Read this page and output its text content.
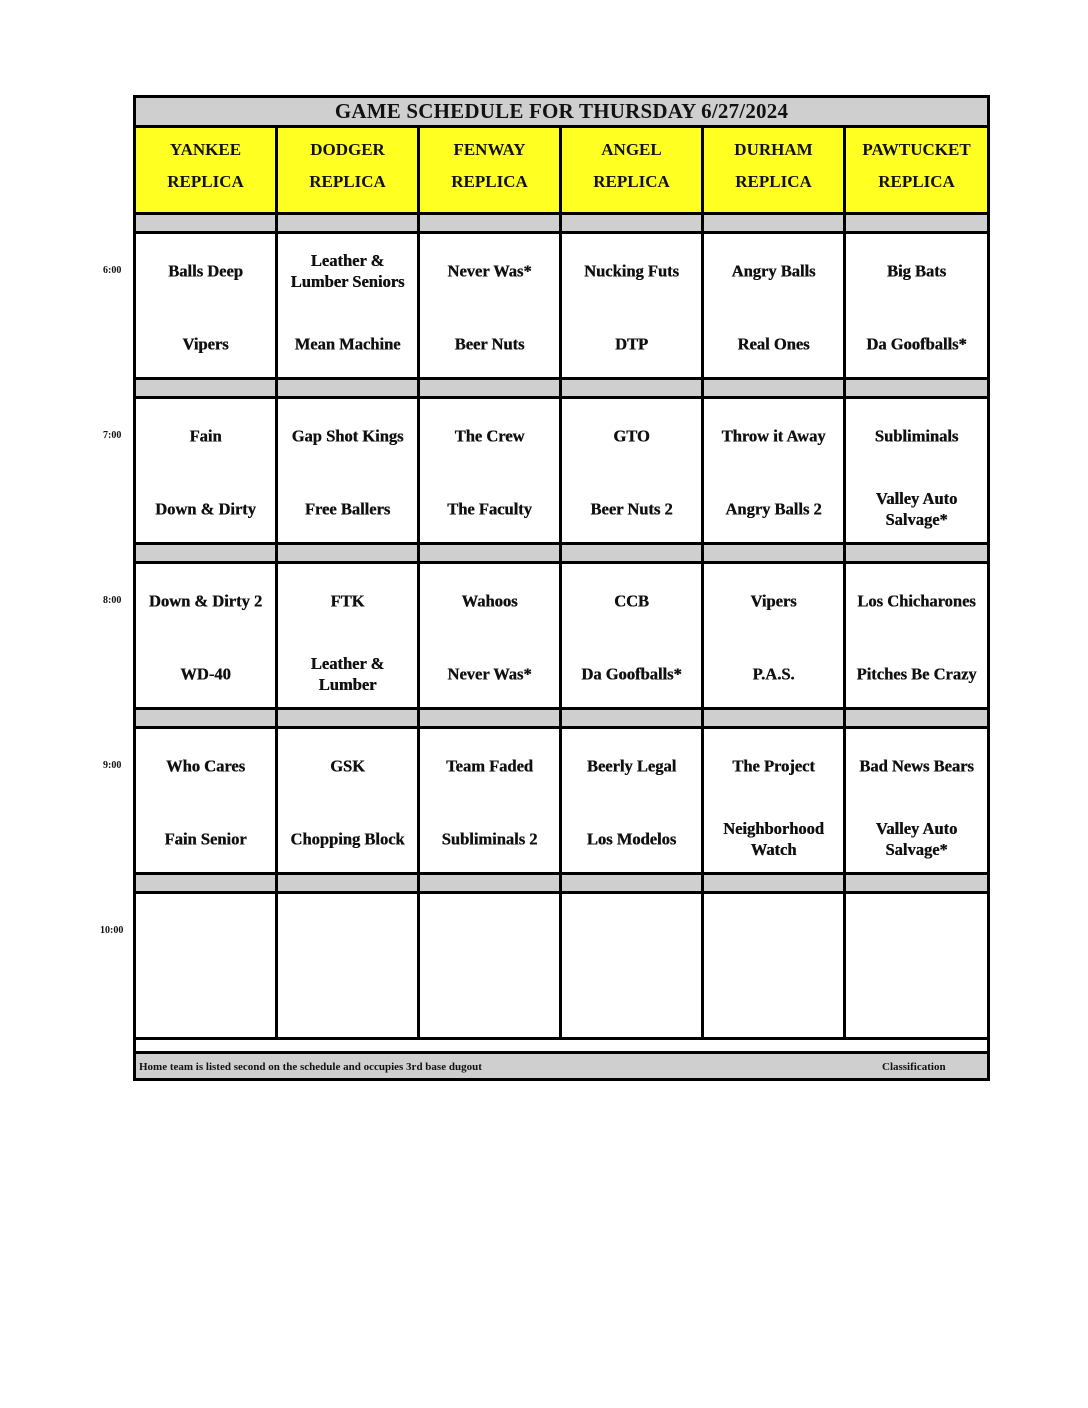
GAME SCHEDULE FOR THURSDAY 6/27/2024
YANKEE
REPLICA
DODGER
REPLICA
FENWAY
REPLICA
ANGEL
REPLICA
DURHAM
REPLICA
PAWTUCKET
REPLICA
Balls Deep
Vipers
Leather & Lumber Seniors
Mean Machine
Never Was*
Beer Nuts
Nucking Futs
DTP
Angry Balls
Real Ones
Big Bats
Da Goofballs*
Fain
Down & Dirty
Gap Shot Kings
Free Ballers
The Crew
The Faculty
GTO
Beer Nuts 2
Throw it Away
Angry Balls 2
Subliminals
Valley Auto Salvage*
Down & Dirty 2
WD-40
FTK
Leather & Lumber
Wahoos
Never Was*
CCB
Da Goofballs*
Vipers
P.A.S.
Los Chicharones
Pitches Be Crazy
Who Cares
Fain Senior
GSK
Chopping Block
Team Faded
Subliminals 2
Beerly Legal
Los Modelos
The Project
Neighborhood Watch
Bad News Bears
Valley Auto Salvage*
Home team is listed second on the schedule and occupies 3rd base dugout	Classification
6:00
7:00
8:00
9:00
10:00
